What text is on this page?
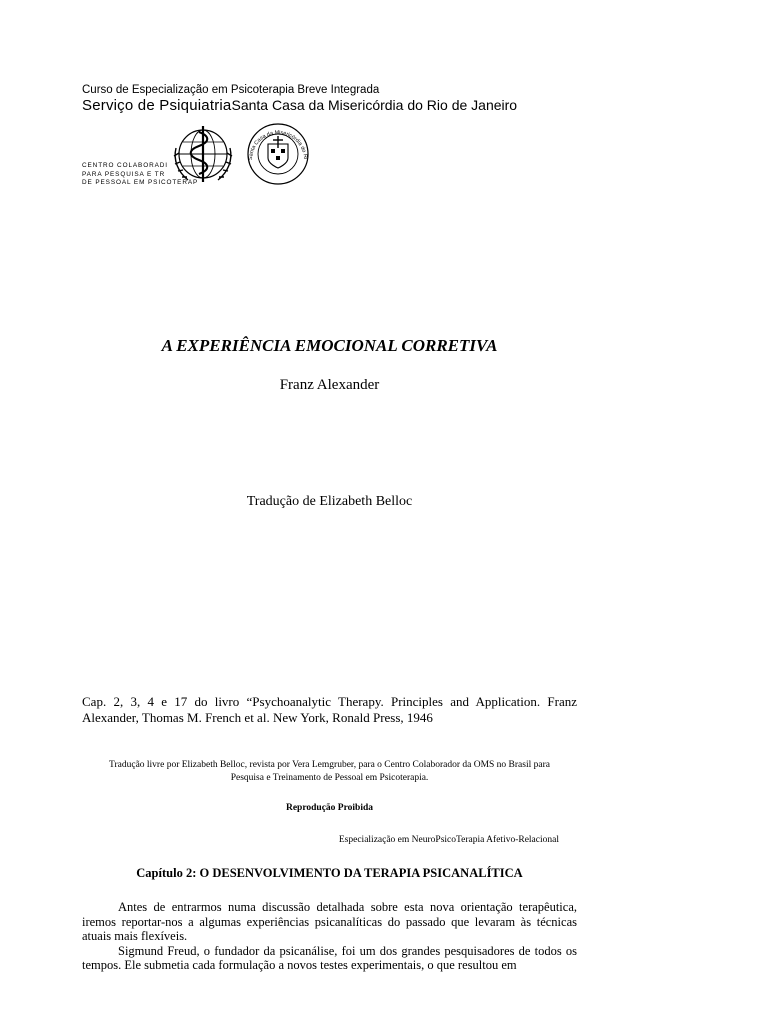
Curso de Especialização em Psicoterapia Breve Integrada
Serviço de PsiquiatriaSanta Casa da Misericórdia do Rio de Janeiro
Santa Casa da Misericórdia do Ri
CENTRO COLABORADI
PARA PESQUISA E TR
DE PESSOAL EM PSICOTERAP
A EXPERIÊNCIA EMOCIONAL CORRETIVA
Franz Alexander
Tradução de Elizabeth Belloc
Cap. 2, 3, 4 e 17 do livro “Psychoanalytic Therapy. Principles and Application. Franz Alexander, Thomas M. French et al. New York, Ronald Press, 1946
Tradução livre por Elizabeth Belloc, revista por Vera Lemgruber, para o Centro Colaborador da OMS no Brasil para
Pesquisa e Treinamento de Pessoal em Psicoterapia.
Reprodução Proibida
Especialização em NeuroPsicoTerapia Afetivo-Relacional
Capítulo 2: O DESENVOLVIMENTO DA TERAPIA PSICANALÍTICA

Antes de entrarmos numa discussão detalhada sobre esta nova orientação terapêutica, iremos reportar-nos a algumas experiências psicanalíticas do passado que levaram às técnicas atuais mais flexíveis.

Sigmund Freud, o fundador da psicanálise, foi um dos grandes pesquisadores de todos os tempos. Ele submetia cada formulação a novos testes experimentais, o que resultou em
